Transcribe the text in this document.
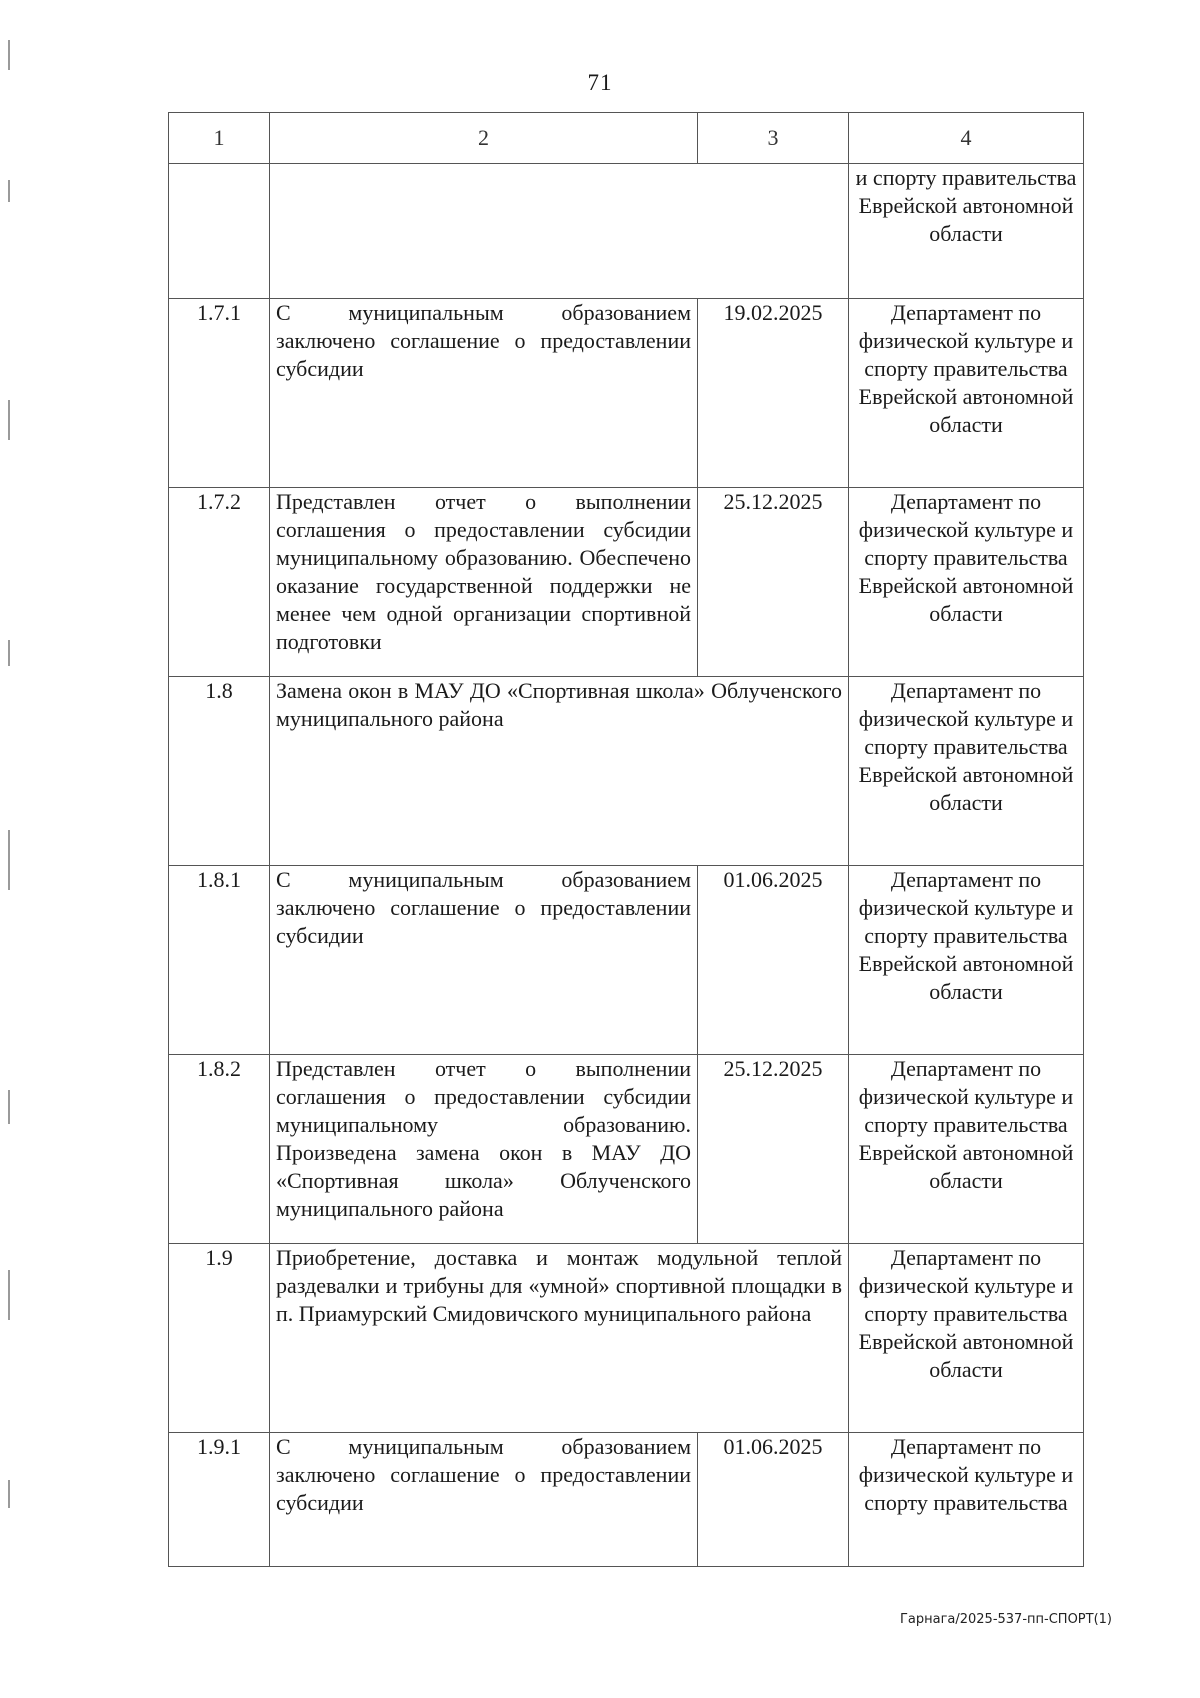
71
1	2	3	4
			и спорту правительства Еврейской автономной области
1.7.1	С муниципальным образованием заключено соглашение о предоставлении субсидии	19.02.2025	Департамент по физической культуре и спорту правительства Еврейской автономной области
1.7.2	Представлен отчет о выполнении соглашения о предоставлении субсидии муниципальному образованию. Обеспечено оказание государственной поддержки не менее чем одной организации спортивной подготовки	25.12.2025	Департамент по физической культуре и спорту правительства Еврейской автономной области
1.8	Замена окон в МАУ ДО «Спортивная школа» Облученского муниципального района		Департамент по физической культуре и спорту правительства Еврейской автономной области
1.8.1	С муниципальным образованием заключено соглашение о предоставлении субсидии	01.06.2025	Департамент по физической культуре и спорту правительства Еврейской автономной области
1.8.2	Представлен отчет о выполнении соглашения о предоставлении субсидии муниципальному образованию. Произведена замена окон в МАУ ДО «Спортивная школа» Облученского муниципального района	25.12.2025	Департамент по физической культуре и спорту правительства Еврейской автономной области
1.9	Приобретение, доставка и монтаж модульной теплой раздевалки и трибуны для «умной» спортивной площадки в п. Приамурский Смидовичского муниципального района		Департамент по физической культуре и спорту правительства Еврейской автономной области
1.9.1	С муниципальным образованием заключено соглашение о предоставлении субсидии	01.06.2025	Департамент по физической культуре и спорту правительства
Гарнага/2025-537-пп-СПОРТ(1)
